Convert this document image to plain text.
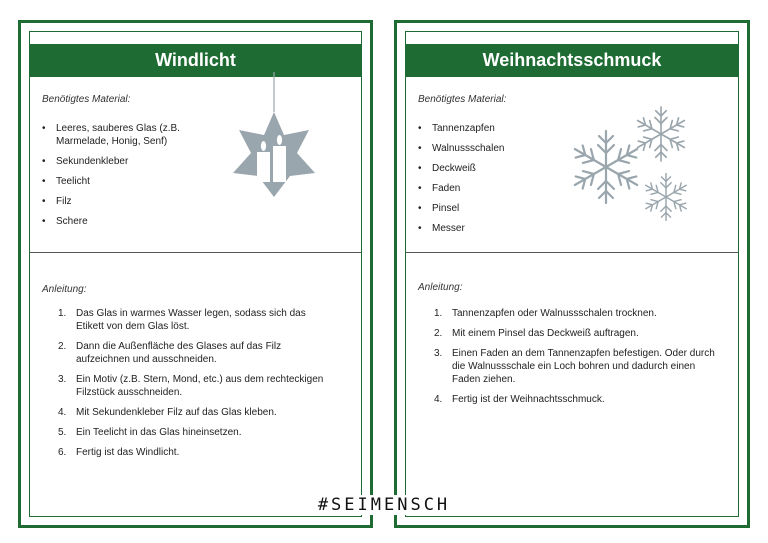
Windlicht
Benötigtes Material:
• Leeres, sauberes Glas (z.B. Marmelade, Honig, Senf)
• Sekundenkleber
• Teelicht
• Filz
• Schere
Anleitung:
1. Das Glas in warmes Wasser legen, sodass sich das Etikett von dem Glas löst.
2. Dann die Außenfläche des Glases auf das Filz aufzeichnen und ausschneiden.
3. Ein Motiv (z.B. Stern, Mond, etc.) aus dem rechteckigen Filzstück ausschneiden.
4. Mit Sekundenkleber Filz auf das Glas kleben.
5. Ein Teelicht in das Glas hineinsetzen.
6. Fertig ist das Windlicht.
Weihnachtsschmuck
Benötigtes Material:
• Tannenzapfen
• Walnussschalen
• Deckweiß
• Faden
• Pinsel
• Messer
Anleitung:
1. Tannenzapfen oder Walnussschalen trocknen.
2. Mit einem Pinsel das Deckweiß auftragen.
3. Einen Faden an dem Tannenzapfen befestigen. Oder durch die Walnussschale ein Loch bohren und dadurch einen Faden ziehen.
4. Fertig ist der Weihnachtsschmuck.
#SEIMENSCH
